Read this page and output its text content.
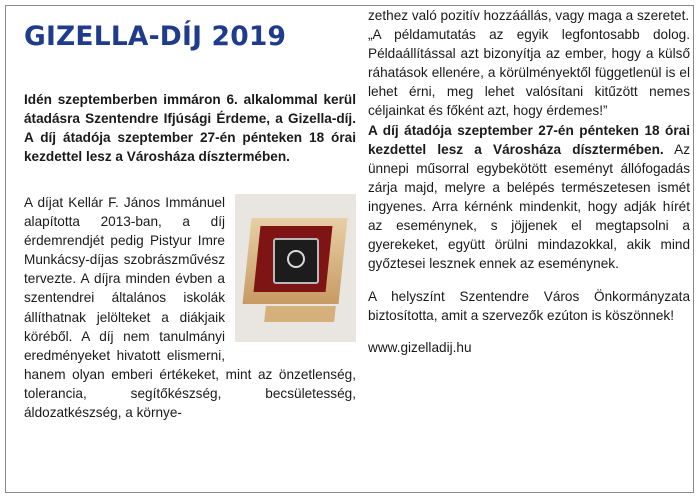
GIZELLA-DÍJ 2019

Idén szeptemberben immáron 6. alkalommal kerül átadásra Szentendre Ifjúsági Érdeme, a Gizella-díj. A díj átadója szeptember 27-én pénteken 18 órai kezdettel lesz a Városháza dísztermében.

A díjat Kellár F. János Immánuel alapította 2013-ban, a díj érdemrendjét pedig Pistyur Imre Munkácsy-díjas szobrászművész tervezte. A díjra minden évben a szentendrei általános iskolák állíthatnak jelölteket a diákjaik köréből. A díj nem tanulmányi eredményeket hivatott elismerni, hanem olyan emberi értékeket, mint az önzetlenség, tolerancia, segítőkészség, becsületesség, áldozatkészség, a környe-

zethez való pozitív hozzáállás, vagy maga a szeretet.

„A példamutatás az egyik legfontosabb dolog. Példaállítással azt bizonyítja az ember, hogy a külső ráhatások ellenére, a körülményektől függetlenül is el lehet érni, meg lehet valósítani kitűzött nemes céljainkat és főként azt, hogy érdemes!”

A díj átadója szeptember 27-én pénteken 18 órai kezdettel lesz a Városháza dísztermében. Az ünnepi műsorral egybekötött eseményt állófogadás zárja majd, melyre a belépés természetesen ismét ingyenes. Arra kérnénk mindenkit, hogy adják hírét az eseménynek, s jöjjenek el megtapsolni a gyerekeket, együtt örülni mindazokkal, akik mind győztesei lesznek ennek az eseménynek.

A helyszínt Szentendre Város Önkormányzata biztosította, amit a szervezők ezúton is köszönnek!

www.gizelladij.hu
